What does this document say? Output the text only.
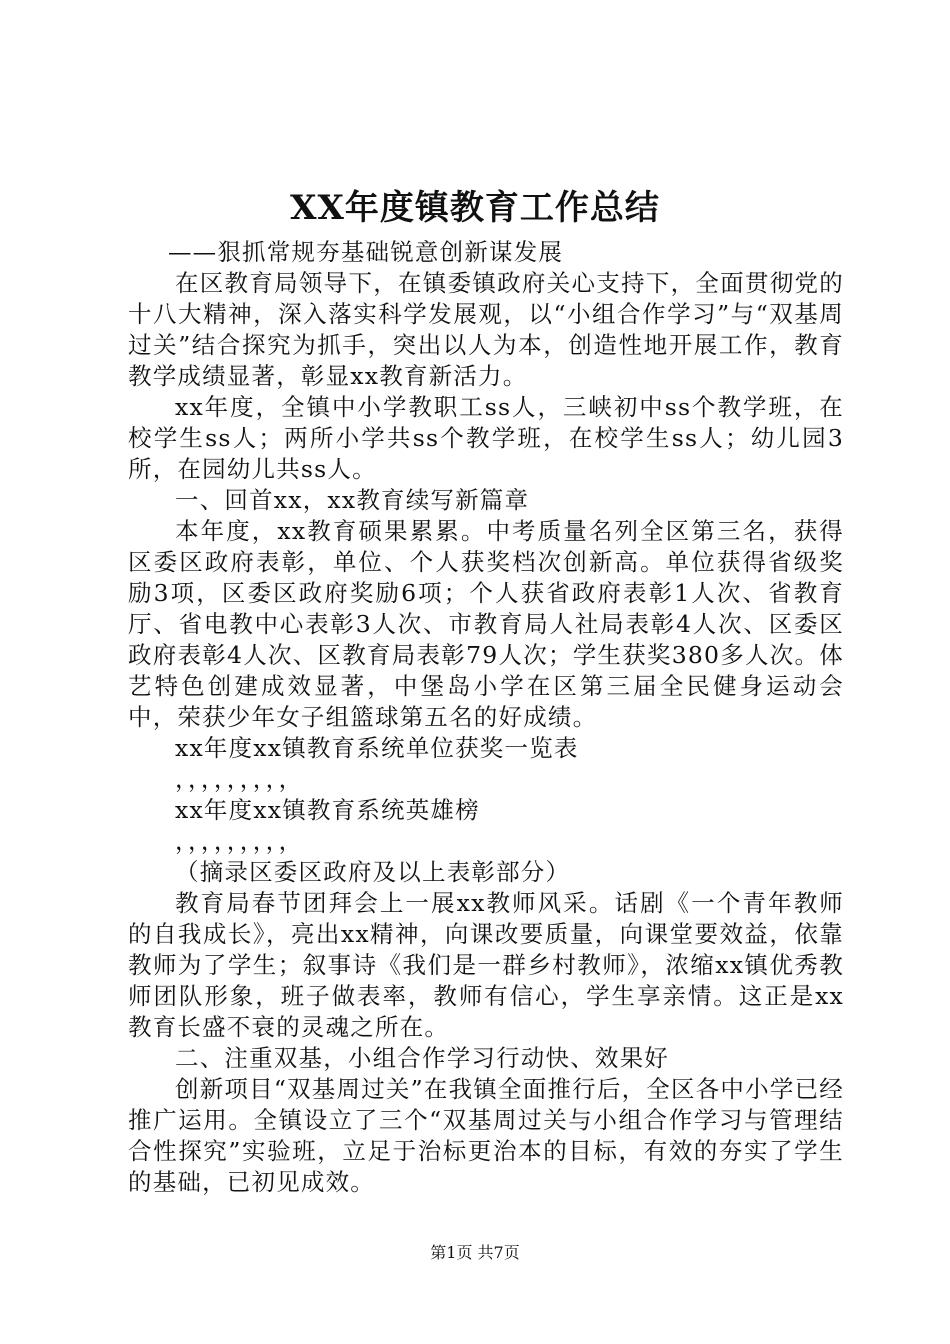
XX年度镇教育工作总结

——狠抓常规夯基础锐意创新谋发展

在区教育局领导下，在镇委镇政府关心支持下，全面贯彻党的十八大精神，深入落实科学发展观，以“小组合作学习”与“双基周过关”结合探究为抓手，突出以人为本，创造性地开展工作，教育教学成绩显著，彰显xx教育新活力。

xx年度，全镇中小学教职工ss人，三峡初中ss个教学班，在校学生ss人；两所小学共ss个教学班，在校学生ss人；幼儿园3所，在园幼儿共ss人。

一、回首xx，xx教育续写新篇章

本年度，xx教育硕果累累。中考质量名列全区第三名，获得区委区政府表彰，单位、个人获奖档次创新高。单位获得省级奖励3项，区委区政府奖励6项；个人获省政府表彰1人次、省教育厅、省电教中心表彰3人次、市教育局人社局表彰4人次、区委区政府表彰4人次、区教育局表彰79人次；学生获奖380多人次。体艺特色创建成效显著，中堡岛小学在区第三届全民健身运动会中，荣获少年女子组篮球第五名的好成绩。

xx年度xx镇教育系统单位获奖一览表

，，，，，，，，，

xx年度xx镇教育系统英雄榜

，，，，，，，，，

（摘录区委区政府及以上表彰部分）

教育局春节团拜会上一展xx教师风采。话剧《一个青年教师的自我成长》，亮出xx精神，向课改要质量，向课堂要效益，依靠教师为了学生；叙事诗《我们是一群乡村教师》，浓缩xx镇优秀教师团队形象，班子做表率，教师有信心，学生享亲情。这正是xx教育长盛不衰的灵魂之所在。

二、注重双基，小组合作学习行动快、效果好

创新项目“双基周过关”在我镇全面推行后，全区各中小学已经推广运用。全镇设立了三个“双基周过关与小组合作学习与管理结合性探究”实验班，立足于治标更治本的目标，有效的夯实了学生的基础，已初见成效。

第1页 共7页
